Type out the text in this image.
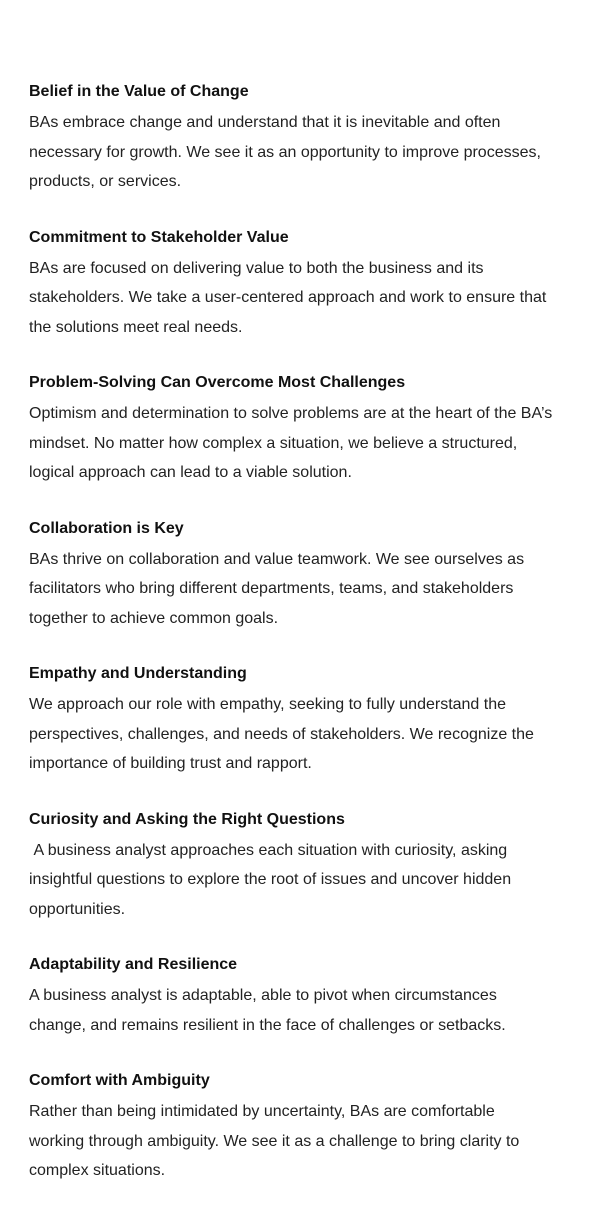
Belief in the Value of Change

BAs embrace change and understand that it is inevitable and often
necessary for growth. We see it as an opportunity to improve processes,
products, or services.

Commitment to Stakeholder Value

BAs are focused on delivering value to both the business and its
stakeholders. We take a user-centered approach and work to ensure that
the solutions meet real needs.

Problem-Solving Can Overcome Most Challenges

Optimism and determination to solve problems are at the heart of the BA’s
mindset. No matter how complex a situation, we believe a structured,
logical approach can lead to a viable solution.

Collaboration is Key

BAs thrive on collaboration and value teamwork. We see ourselves as
facilitators who bring different departments, teams, and stakeholders
together to achieve common goals.

Empathy and Understanding

We approach our role with empathy, seeking to fully understand the
perspectives, challenges, and needs of stakeholders. We recognize the
importance of building trust and rapport.

Curiosity and Asking the Right Questions

A business analyst approaches each situation with curiosity, asking
insightful questions to explore the root of issues and uncover hidden
opportunities.

Adaptability and Resilience

A business analyst is adaptable, able to pivot when circumstances
change, and remains resilient in the face of challenges or setbacks.

Comfort with Ambiguity

Rather than being intimidated by uncertainty, BAs are comfortable
working through ambiguity. We see it as a challenge to bring clarity to
complex situations.
